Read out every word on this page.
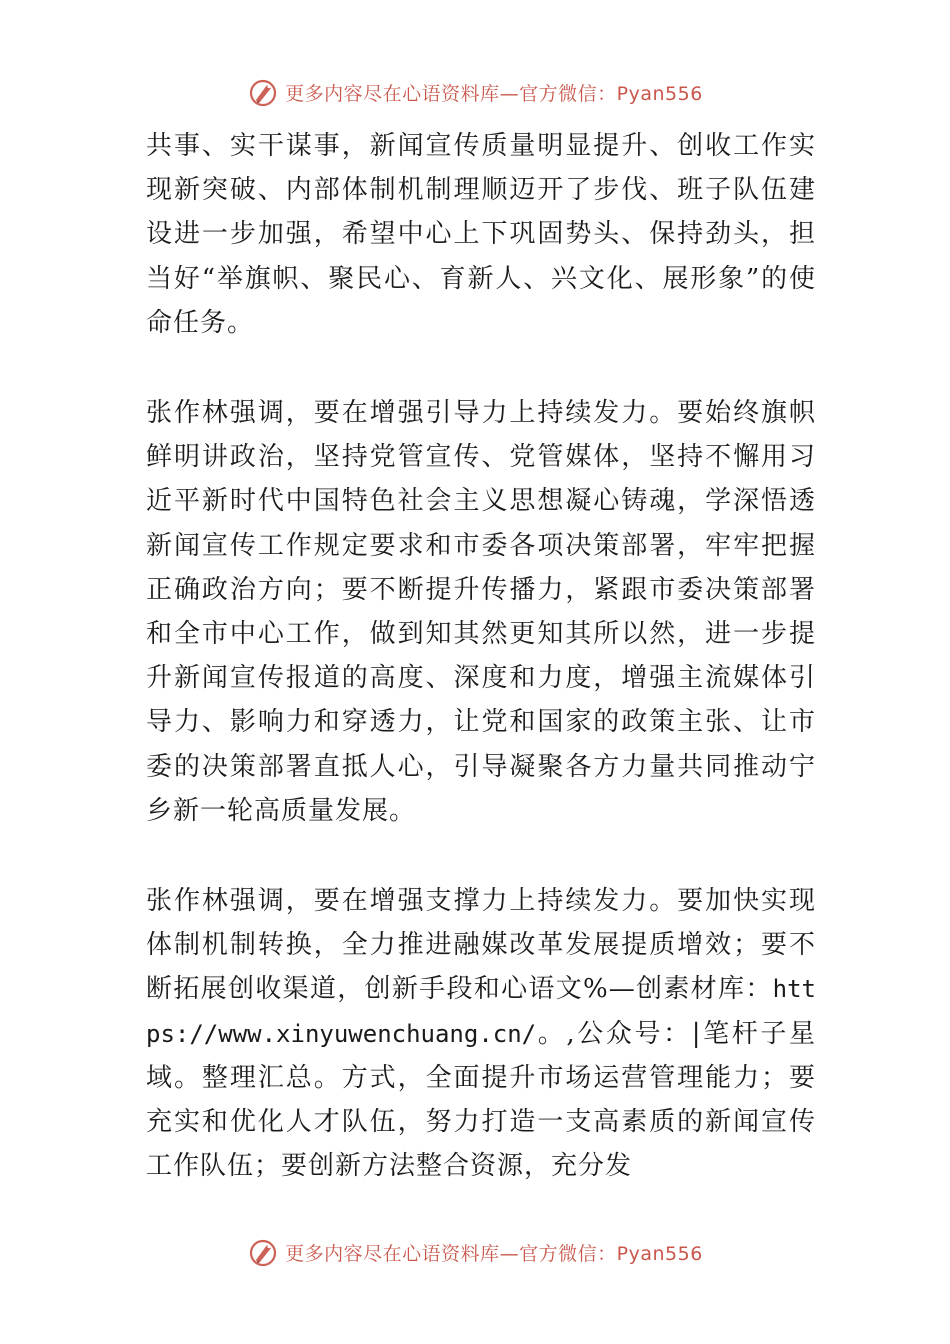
更多内容尽在心语资料库—官方微信：Pyan556

共事、实干谋事，新闻宣传质量明显提升、创收工作实现新突破、内部体制机制理顺迈开了步伐、班子队伍建设进一步加强，希望中心上下巩固势头、保持劲头，担当好“举旗帜、聚民心、育新人、兴文化、展形象”的使命任务。

张作林强调，要在增强引导力上持续发力。要始终旗帜鲜明讲政治，坚持党管宣传、党管媒体，坚持不懈用习近平新时代中国特色社会主义思想凝心铸魂，学深悟透新闻宣传工作规定要求和市委各项决策部署，牢牢把握正确政治方向；要不断提升传播力，紧跟市委决策部署和全市中心工作，做到知其然更知其所以然，进一步提升新闻宣传报道的高度、深度和力度，增强主流媒体引导力、影响力和穿透力，让党和国家的政策主张、让市委的决策部署直抵人心，引导凝聚各方力量共同推动宁乡新一轮高质量发展。

张作林强调，要在增强支撑力上持续发力。要加快实现体制机制转换，全力推进融媒改革发展提质增效；要不断拓展创收渠道，创新手段和心语文%—创素材库：https://www.xinyuwenchuang.cn/。,公众号：|笔杆子星域。整理汇总。方式，全面提升市场运营管理能力；要充实和优化人才队伍，努力打造一支高素质的新闻宣传工作队伍；要创新方法整合资源，充分发

更多内容尽在心语资料库—官方微信：Pyan556
